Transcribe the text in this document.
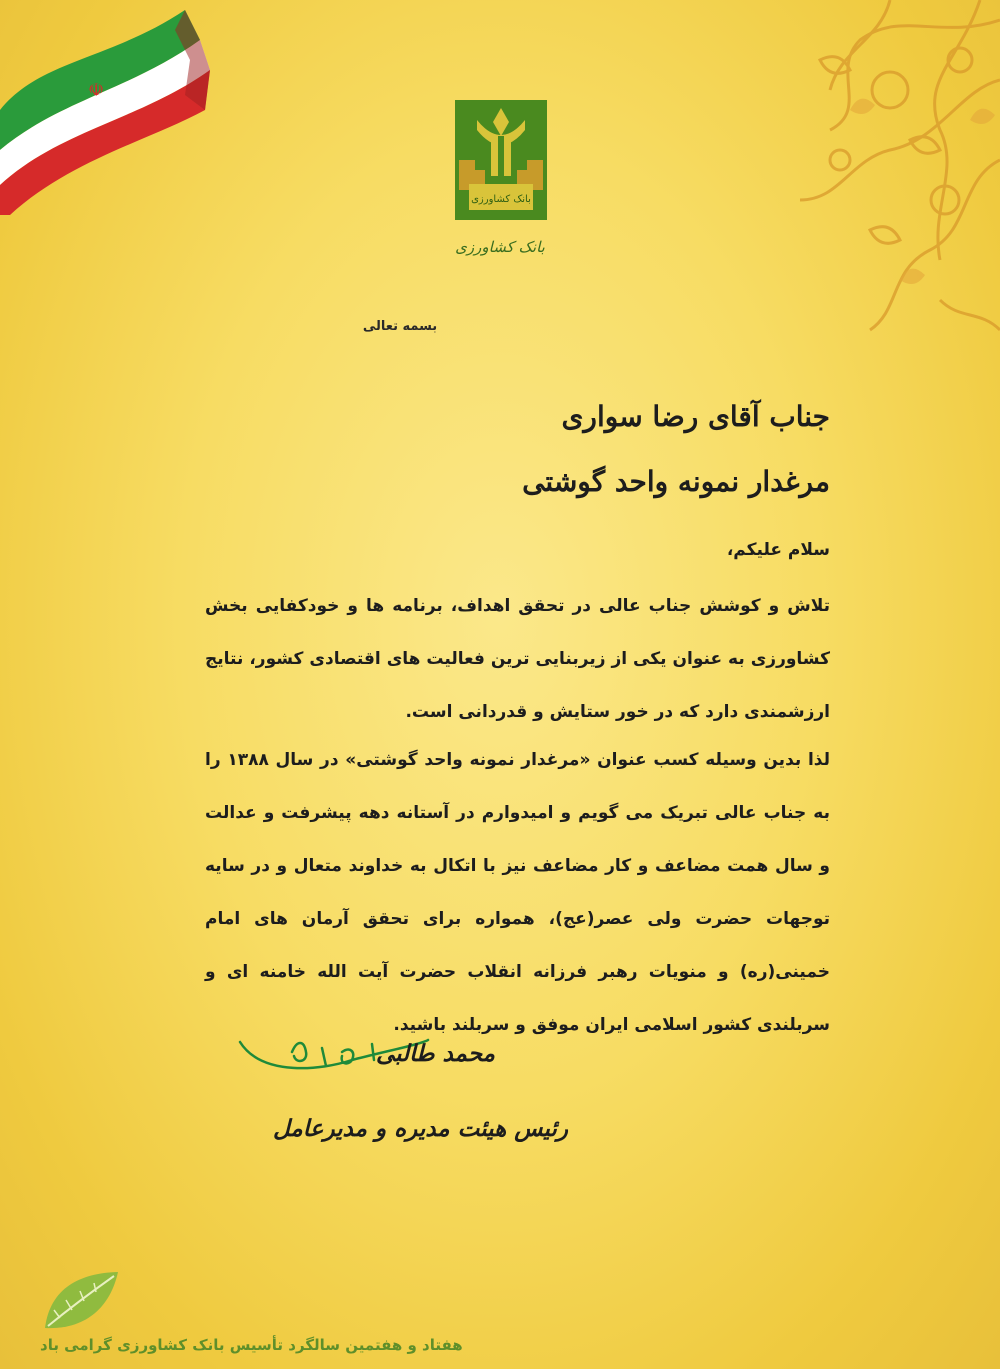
☫
بانک کشاورزی
بانک کشاورزی
بسمه تعالی
جناب آقای رضا سواری
مرغدار نمونه واحد گوشتی
سلام علیکم،

تلاش و کوشش جناب عالی در تحقق اهداف، برنامه ها و خودکفایی بخش کشاورزی به عنوان یکی از زیربنایی ترین فعالیت های اقتصادی کشور، نتایج ارزشمندی دارد که در خور ستایش و قدردانی است.

لذا بدین وسیله کسب عنوان «مرغدار نمونه واحد گوشتی» در سال ۱۳۸۸ را به جناب عالی تبریک می گویم و امیدوارم در آستانه دهه پیشرفت و عدالت و سال همت مضاعف و کار مضاعف نیز با اتکال به خداوند متعال و در سایه توجهات حضرت ولی عصر(عج)، همواره برای تحقق آرمان های امام خمینی(ره) و منویات رهبر فرزانه انقلاب حضرت آیت الله خامنه ای و سربلندی کشور اسلامی ایران موفق و سربلند باشید.

محمد طالبی
رئیس هیئت مدیره و مدیرعامل
هفتاد و هفتمین سالگرد تأسیس بانک کشاورزی گرامی باد
